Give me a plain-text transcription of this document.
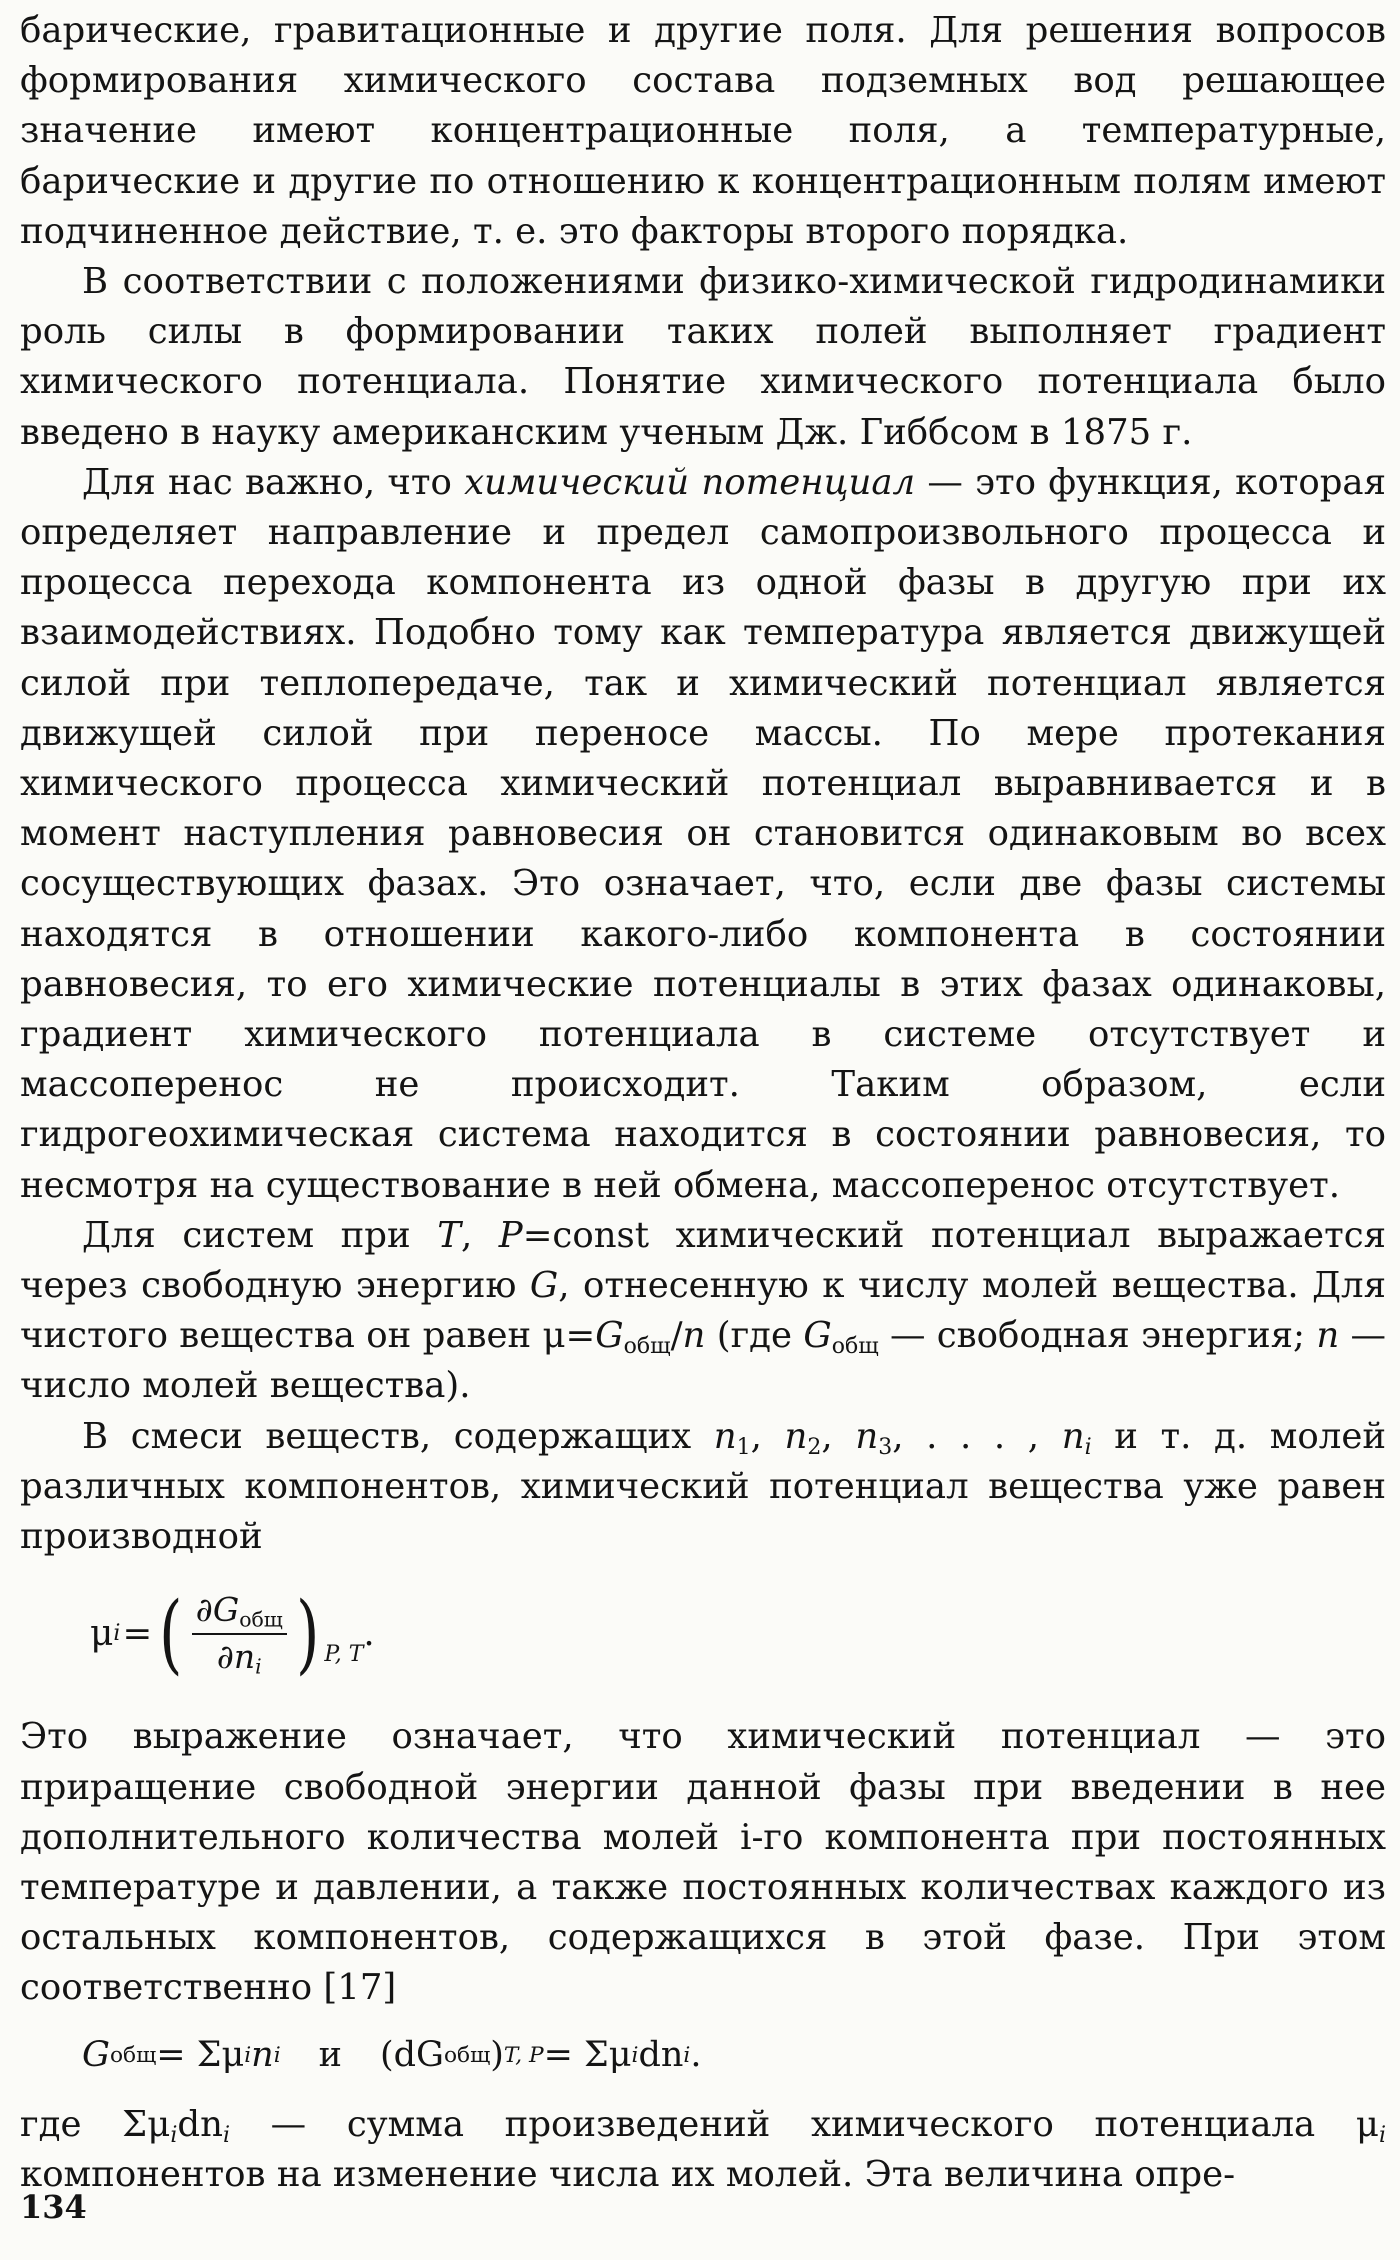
барические, гравитационные и другие поля. Для решения вопросов формирования химического состава подземных вод решающее значение имеют концентрационные поля, а температурные, барические и другие по отношению к концентрационным полям имеют подчиненное действие, т. е. это факторы второго порядка.

В соответствии с положениями физико-химической гидродинамики роль силы в формировании таких полей выполняет градиент химического потенциала. Понятие химического потенциала было введено в науку американским ученым Дж. Гиббсом в 1875 г.

Для нас важно, что химический потенциал — это функция, которая определяет направление и предел самопроизвольного процесса и процесса перехода компонента из одной фазы в другую при их взаимодействиях. Подобно тому как температура является движущей силой при теплопередаче, так и химический потенциал является движущей силой при переносе массы. По мере протекания химического процесса химический потенциал выравнивается и в момент наступления равновесия он становится одинаковым во всех сосуществующих фазах. Это означает, что, если две фазы системы находятся в отношении какого-либо компонента в состоянии равновесия, то его химические потенциалы в этих фазах одинаковы, градиент химического потенциала в системе отсутствует и массоперенос не происходит. Таким образом, если гидрогеохимическая система находится в состоянии равновесия, то несмотря на существование в ней обмена, массоперенос отсутствует.

Для систем при T, P=const химический потенциал выражается через свободную энергию G, отнесенную к числу молей вещества. Для чистого вещества он равен $\mu=G_{общ}/n$ (где $G_{общ}$ — свободная энергия; n — число молей вещества).

В смеси веществ, содержащих $n_1$, $n_2$, $n_3$, . . . , $n_i$ и т. д. молей различных компонентов, химический потенциал вещества уже равен производной

μ i = ( $\frac{\partial G_{общ}}{\partial n_i}$ ) P, T
.

Это выражение означает, что химический потенциал — это приращение свободной энергии данной фазы при введении в нее дополнительного количества молей i-го компонента при постоянных температуре и давлении, а также постоянных количествах каждого из остальных компонентов, содержащихся в этой фазе. При этом соответственно [17]

G общ = Σμ i n i и (dG общ ) T, P = Σμ i dn i .

где $\Sigma\mu_idn_i$ — сумма произведений химического потенциала $\mu_i$ компонентов на изменение числа их молей. Эта величина опре-

134
